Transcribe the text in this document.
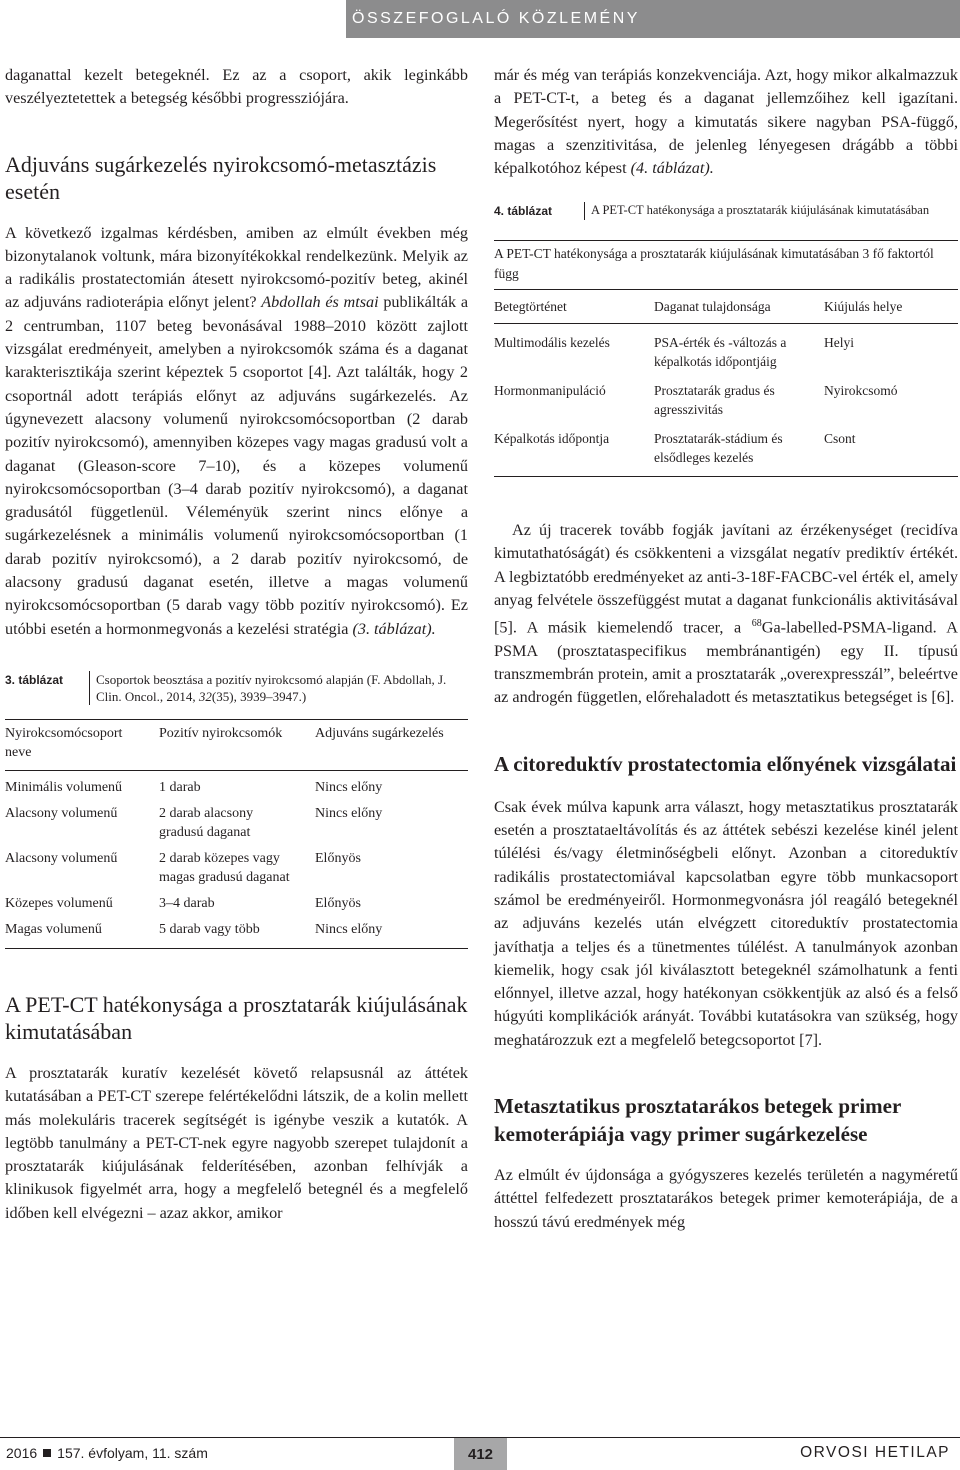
ÖSSZEFOGLALÓ KÖZLEMÉNY

daganattal kezelt betegeknél. Ez az a csoport, akik leginkább veszélyeztetettek a betegség későbbi progressziójára.

Adjuváns sugárkezelés nyirokcsomó-metasztázis esetén

A következő izgalmas kérdésben, amiben az elmúlt években még bizonytalanok voltunk, mára bizonyítékokkal rendelkezünk. Melyik az a radikális prostatectomián átesett nyirokcsomó-pozitív beteg, akinél az adjuváns radioterápia előnyt jelent? Abdollah és mtsai publikálták a 2 centrumban, 1107 beteg bevonásával 1988–2010 között zajlott vizsgálat eredményeit, amelyben a nyirokcsomók száma és a daganat karakterisztikája szerint képeztek 5 csoportot [4]. Azt találták, hogy 2 csoportnál adott terápiás előnyt az adjuváns sugárkezelés. Az úgynevezett alacsony volumenű nyirokcsomócsoportban (2 darab pozitív nyirokcsomó), amennyiben közepes vagy magas gradusú volt a daganat (Gleason-score 7–10), és a közepes volumenű nyirokcsomócsoportban (3–4 darab pozitív nyirokcsomó), a daganat gradusától függetlenül. Véleményük szerint nincs előnye a sugárkezelésnek a minimális volumenű nyirokcsomócsoportban (1 darab pozitív nyirokcsomó), a 2 darab pozitív nyirokcsomó, de alacsony gradusú daganat esetén, illetve a magas volumenű nyirokcsomócsoportban (5 darab vagy több pozitív nyirokcsomó). Ez utóbbi esetén a hormonmegvonás a kezelési stratégia (3. táblázat).

3. táblázat	Csoportok beosztása a pozitív nyirokcsomó alapján (F. Abdollah, J. Clin. Oncol., 2014, 32(35), 3939–3947.)
Nyirokcsomócsoport neve	Pozitív nyirokcsomók	Adjuváns sugárkezelés
Minimális volumenű	1 darab	Nincs előny
Alacsony volumenű	2 darab alacsony gradusú daganat	Nincs előny
Alacsony volumenű	2 darab közepes vagy magas gradusú daganat	Előnyös
Közepes volumenű	3–4 darab	Előnyös
Magas volumenű	5 darab vagy több	Nincs előny
A PET-CT hatékonysága a prosztatarák kiújulásának kimutatásában

A prosztatarák kuratív kezelését követő relapsusnál az áttétek kutatásában a PET-CT szerepe felértékelődni látszik, de a kolin mellett más molekuláris tracerek segítségét is igénybe veszik a kutatók. A legtöbb tanulmány a PET-CT-nek egyre nagyobb szerepet tulajdonít a prosztatarák kiújulásának felderítésében, azonban felhívják a klinikusok figyelmét arra, hogy a megfelelő betegnél és a megfelelő időben kell elvégezni – azaz akkor, amikor

már és még van terápiás konzekvenciája. Azt, hogy mikor alkalmazzuk a PET-CT-t, a beteg és a daganat jellemzőihez kell igazítani. Megerősítést nyert, hogy a kimutatás sikere nagyban PSA-függő, magas a szenzitivitása, de jelenleg lényegesen drágább a többi képalkotóhoz képest (4. táblázat).

4. táblázat	A PET-CT hatékonysága a prosztatarák kiújulásának kimutatásában
A PET-CT hatékonysága a prosztatarák kiújulásának kimutatásában 3 fő faktortól függ		
Betegtörténet	Daganat tulajdonsága	Kiújulás helye
Multimodális kezelés	PSA-érték és -változás a képalkotás időpontjáig	Helyi
Hormonmanipuláció	Prosztatarák gradus és agresszivitás	Nyirokcsomó
Képalkotás időpontja	Prosztatarák-stádium és elsődleges kezelés	Csont

Az új tracerek tovább fogják javítani az érzékenységet (recidíva kimutathatóságát) és csökkenteni a vizsgálat negatív prediktív értékét. A legbiztatóbb eredményeket az anti-3-18F-FACBC-vel érték el, amely anyag felvétele összefüggést mutat a daganat funkcionális aktivitásával [5]. A másik kiemelendő tracer, a $^{68}$Ga-labelled-PSMA-ligand. A PSMA (prosztataspecifikus membránantigén) egy II. típusú transzmembrán protein, amit a prosztatarák „overexpresszál”, beleértve az androgén független, előrehaladott és metasztatikus betegséget is [6].

A citoreduktív prostatectomia előnyének vizsgálatai

Csak évek múlva kapunk arra választ, hogy metasztatikus prosztatarák esetén a prosztataeltávolítás és az áttétek sebészi kezelése kinél jelent túlélési és/vagy életminőségbeli előnyt. Azonban a citoreduktív radikális prostatectomiával kapcsolatban egyre több munkacsoport számol be eredményeiről. Hormonmegvonásra jól reagáló betegeknél az adjuváns kezelés után elvégzett citoreduktív prostatectomia javíthatja a teljes és a tünetmentes túlélést. A tanulmányok azonban kiemelik, hogy csak jól kiválasztott betegeknél számolhatunk a fenti előnnyel, illetve azzal, hogy hatékonyan csökkentjük az alsó és a felső húgyúti komplikációk arányát. További kutatásokra van szükség, hogy meghatározzuk ezt a megfelelő betegcsoportot [7].

Metasztatikus prosztatarákos betegek primer kemoterápiája vagy primer sugárkezelése

Az elmúlt év újdonsága a gyógyszeres kezelés területén a nagyméretű áttéttel felfedezett prosztatarákos betegek primer kemoterápiája, de a hosszú távú eredmények még

2016 157. évfolyam, 11. szám	412	ORVOSI HETILAP
